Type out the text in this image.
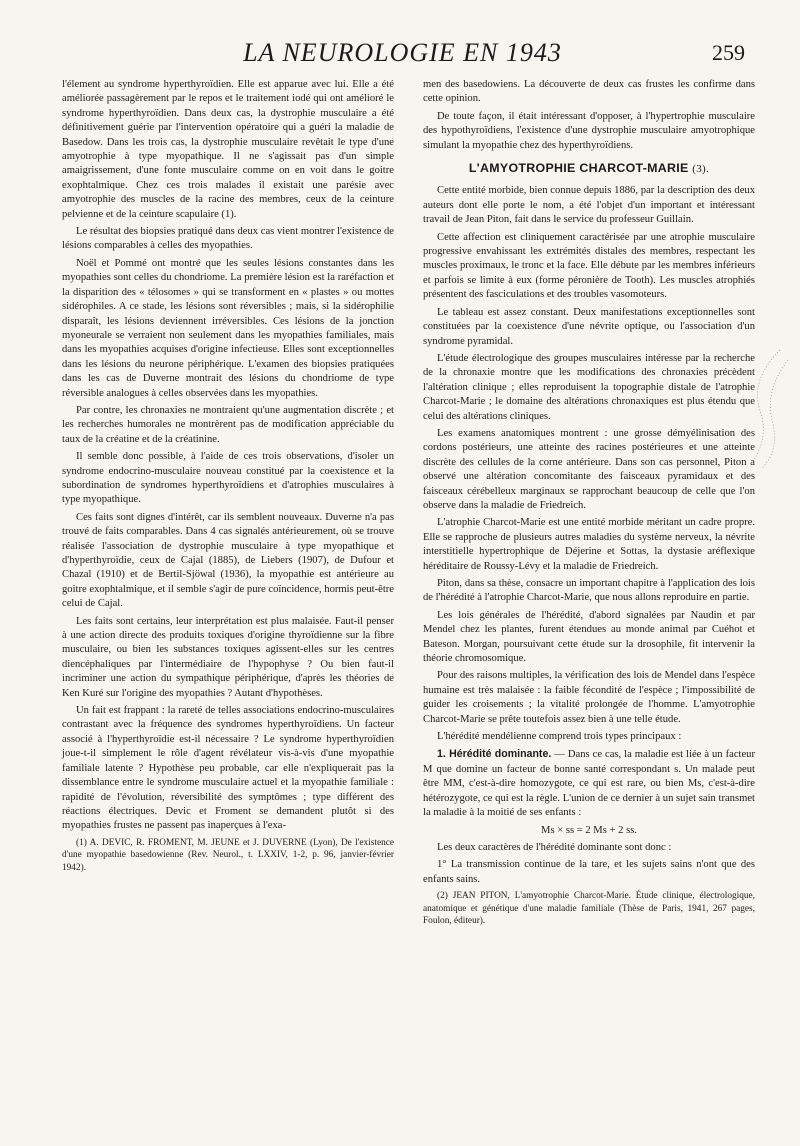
LA NEUROLOGIE EN 1943	259

l'élement au syndrome hyperthyroïdien. Elle est apparue avec lui. Elle a été améliorée passagèrement par le repos et le traitement iodé qui ont amélioré le syndrome hyperthyroïdien. Dans deux cas, la dystrophie musculaire a été définitivement guérie par l'intervention opératoire qui a guéri la maladie de Basedow. Dans les trois cas, la dystrophie musculaire revêtait le type d'une amyotrophie à type myopathique. Il ne s'agissait pas d'un simple amaigrissement, d'une fonte musculaire comme on en voit dans le goitre exophtalmique. Chez ces trois malades il existait une parésie avec amyotrophie des muscles de la racine des membres, ceux de la ceinture pelvienne et de la ceinture scapulaire (1).

Le résultat des biopsies pratiqué dans deux cas vient montrer l'existence de lésions comparables à celles des myopathies.

Noël et Pommé ont montré que les seules lésions constantes dans les myopathies sont celles du chondriome. La première lésion est la raréfaction et la disparition des « télosomes » qui se transforment en « plastes » ou mottes sidérophiles. A ce stade, les lésions sont réversibles ; mais, si la sidérophilie disparaît, les lésions deviennent irréversibles. Ces lésions de la jonction myoneurale se verraient non seulement dans les myopathies familiales, mais dans les myopathies acquises d'origine infectieuse. Elles sont exceptionnelles dans les lésions du neurone périphérique. L'examen des biopsies pratiquées dans les cas de Duverne montrait des lésions du chondriome de type réversible analogues à celles observées dans les myopathies.

Par contre, les chronaxies ne montraient qu'une augmentation discrète ; et les recherches humorales ne montrèrent pas de modification appréciable du taux de la créatine et de la créatinine.

Il semble donc possible, à l'aide de ces trois observations, d'isoler un syndrome endocrino-musculaire nouveau constitué par la coexistence et la subordination de syndromes hyperthyroïdiens et d'atrophies musculaires à type myopathique.

Ces faits sont dignes d'intérêt, car ils semblent nouveaux. Duverne n'a pas trouvé de faits comparables. Dans 4 cas signalés antérieurement, où se trouve réalisée l'association de dystrophie musculaire à type myopathique et d'hyperthyroïdie, ceux de Cajal (1885), de Liebers (1907), de Dufour et Chazal (1910) et de Bertil-Sjöwal (1936), la myopathie est antérieure au goitre exophtalmique, et il semble s'agir de pure coïncidence, hormis peut-être celui de Cajal.

Les faits sont certains, leur interprétation est plus malaisée. Faut-il penser à une action directe des produits toxiques d'origine thyroïdienne sur la fibre musculaire, ou bien les substances toxiques agissent-elles sur les centres diencéphaliques par l'intermédiaire de l'hypophyse ? Ou bien faut-il incriminer une action du sympathique périphérique, d'après les théories de Ken Kuré sur l'origine des myopathies ? Autant d'hypothèses.

Un fait est frappant : la rareté de telles associations endocrino-musculaires contrastant avec la fréquence des syndromes hyperthyroïdiens. Un facteur associé à l'hyperthyroïdie est-il nécessaire ? Le syndrome hyperthyroïdien joue-t-il simplement le rôle d'agent révélateur vis-à-vis d'une myopathie familiale latente ? Hypothèse peu probable, car elle n'expliquerait pas la dissemblance entre le syndrome musculaire actuel et la myopathie familiale : rapidité de l'évolution, réversibilité des symptômes ; type différent des réactions électriques. Devic et Froment se demandent plutôt si des myopathies frustes ne passent pas inaperçues à l'exa-

(1) A. DEVIC, R. FROMENT, M. JEUNE et J. DUVERNE (Lyon), De l'existence d'une myopathie basedowienne (Rev. Neurol., t. LXXIV, 1-2, p. 96, janvier-février 1942).

men des basedowiens. La découverte de deux cas frustes les confirme dans cette opinion.

De toute façon, il était intéressant d'opposer, à l'hypertrophie musculaire des hypothyroïdiens, l'existence d'une dystrophie musculaire amyotrophique simulant la myopathie chez des hyperthyroïdiens.

L'AMYOTROPHIE CHARCOT-MARIE (3).

Cette entité morbide, bien connue depuis 1886, par la description des deux auteurs dont elle porte le nom, a été l'objet d'un important et intéressant travail de Jean Piton, fait dans le service du professeur Guillain.

Cette affection est cliniquement caractérisée par une atrophie musculaire progressive envahissant les extrémités distales des membres, respectant les muscles proximaux, le tronc et la face. Elle débute par les membres inférieurs et parfois se limite à eux (forme péronière de Tooth). Les muscles atrophiés présentent des fasciculations et des troubles vasomoteurs.

Le tableau est assez constant. Deux manifestations exceptionnelles sont constituées par la coexistence d'une névrite optique, ou l'association d'un syndrome pyramidal.

L'étude électrologique des groupes musculaires intéresse par la recherche de la chronaxie montre que les modifications des chronaxies précèdent l'altération clinique ; elles reproduisent la topographie distale de l'atrophie Charcot-Marie ; le domaine des altérations chronaxiques est plus étendu que celui des altérations cliniques.

Les examens anatomiques montrent : une grosse démyélinisation des cordons postérieurs, une atteinte des racines postérieures et une atteinte discrète des cellules de la corne antérieure. Dans son cas personnel, Piton a observé une altération concomitante des faisceaux pyramidaux et des faisceaux cérébelleux marginaux se rapprochant beaucoup de celle que l'on observe dans la maladie de Friedreich.

L'atrophie Charcot-Marie est une entité morbide méritant un cadre propre. Elle se rapproche de plusieurs autres maladies du système nerveux, la névrite interstitielle hypertrophique de Déjerine et Sottas, la dystasie aréflexique héréditaire de Roussy-Lévy et la maladie de Friedreich.

Piton, dans sa thèse, consacre un important chapitre à l'application des lois de l'hérédité à l'atrophie Charcot-Marie, que nous allons reproduire en partie.

Les lois générales de l'hérédité, d'abord signalées par Naudin et par Mendel chez les plantes, furent étendues au monde animal par Cuéhot et Bateson. Morgan, poursuivant cette étude sur la drosophile, fit intervenir la théorie chromosomique.

Pour des raisons multiples, la vérification des lois de Mendel dans l'espèce humaine est très malaisée : la faible fécondité de l'espèce ; l'impossibilité de guider les croisements ; la vitalité prolongée de l'homme. L'amyotrophie Charcot-Marie se prête toutefois assez bien à une telle étude.

L'hérédité mendélienne comprend trois types principaux :

1. Hérédité dominante. — Dans ce cas, la maladie est liée à un facteur M que domine un facteur de bonne santé correspondant s. Un malade peut être MM, c'est-à-dire homozygote, ce qui est rare, ou bien Ms, c'est-à-dire hétérozygote, ce qui est la règle. L'union de ce dernier à un sujet sain transmet la maladie à la moitié de ses enfants :

Ms × ss = 2 Ms + 2 ss.

Les deux caractères de l'hérédité dominante sont donc :

1° La transmission continue de la tare, et les sujets sains n'ont que des enfants sains.

(2) JEAN PITON, L'amyotrophie Charcot-Marie. Étude clinique, électrologique, anatomique et génétique d'une maladie familiale (Thèse de Paris, 1941, 267 pages, Foulon, éditeur).
